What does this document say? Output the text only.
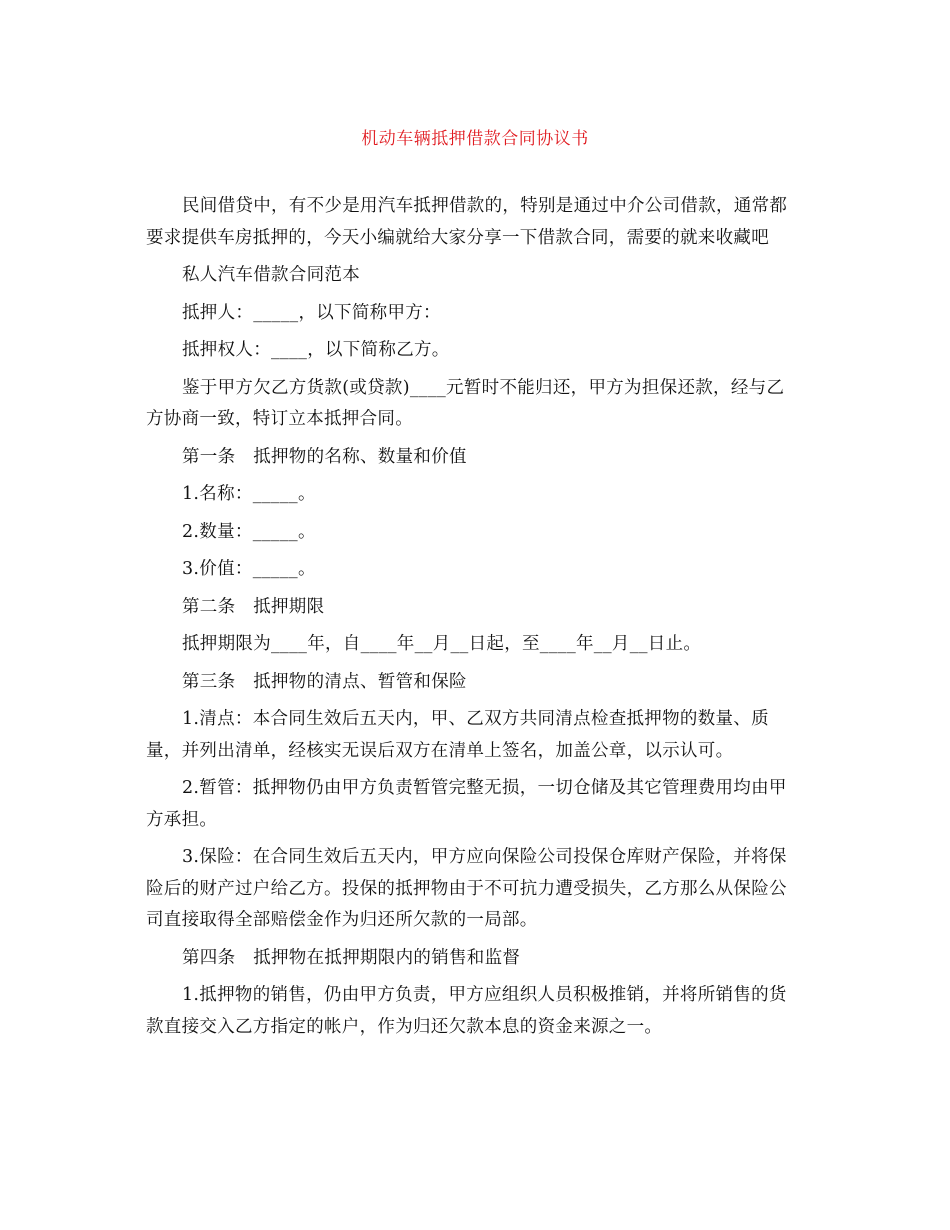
机动车辆抵押借款合同协议书

民间借贷中，有不少是用汽车抵押借款的，特别是通过中介公司借款，通常都要求提供车房抵押的，今天小编就给大家分享一下借款合同，需要的就来收藏吧

私人汽车借款合同范本

抵押人：_____，以下简称甲方：

抵押权人：____，以下简称乙方。

鉴于甲方欠乙方货款(或贷款)____元暂时不能归还，甲方为担保还款，经与乙方协商一致，特订立本抵押合同。

第一条　抵押物的名称、数量和价值

1.名称：_____。

2.数量：_____。

3.价值：_____。

第二条　抵押期限

抵押期限为____年，自____年__月__日起，至____年__月__日止。

第三条　抵押物的清点、暂管和保险

1.清点：本合同生效后五天内，甲、乙双方共同清点检查抵押物的数量、质量，并列出清单，经核实无误后双方在清单上签名，加盖公章，以示认可。

2.暂管：抵押物仍由甲方负责暂管完整无损，一切仓储及其它管理费用均由甲方承担。

3.保险：在合同生效后五天内，甲方应向保险公司投保仓库财产保险，并将保险后的财产过户给乙方。投保的抵押物由于不可抗力遭受损失，乙方那么从保险公司直接取得全部赔偿金作为归还所欠款的一局部。

第四条　抵押物在抵押期限内的销售和监督

1.抵押物的销售，仍由甲方负责，甲方应组织人员积极推销，并将所销售的货款直接交入乙方指定的帐户，作为归还欠款本息的资金来源之一。
